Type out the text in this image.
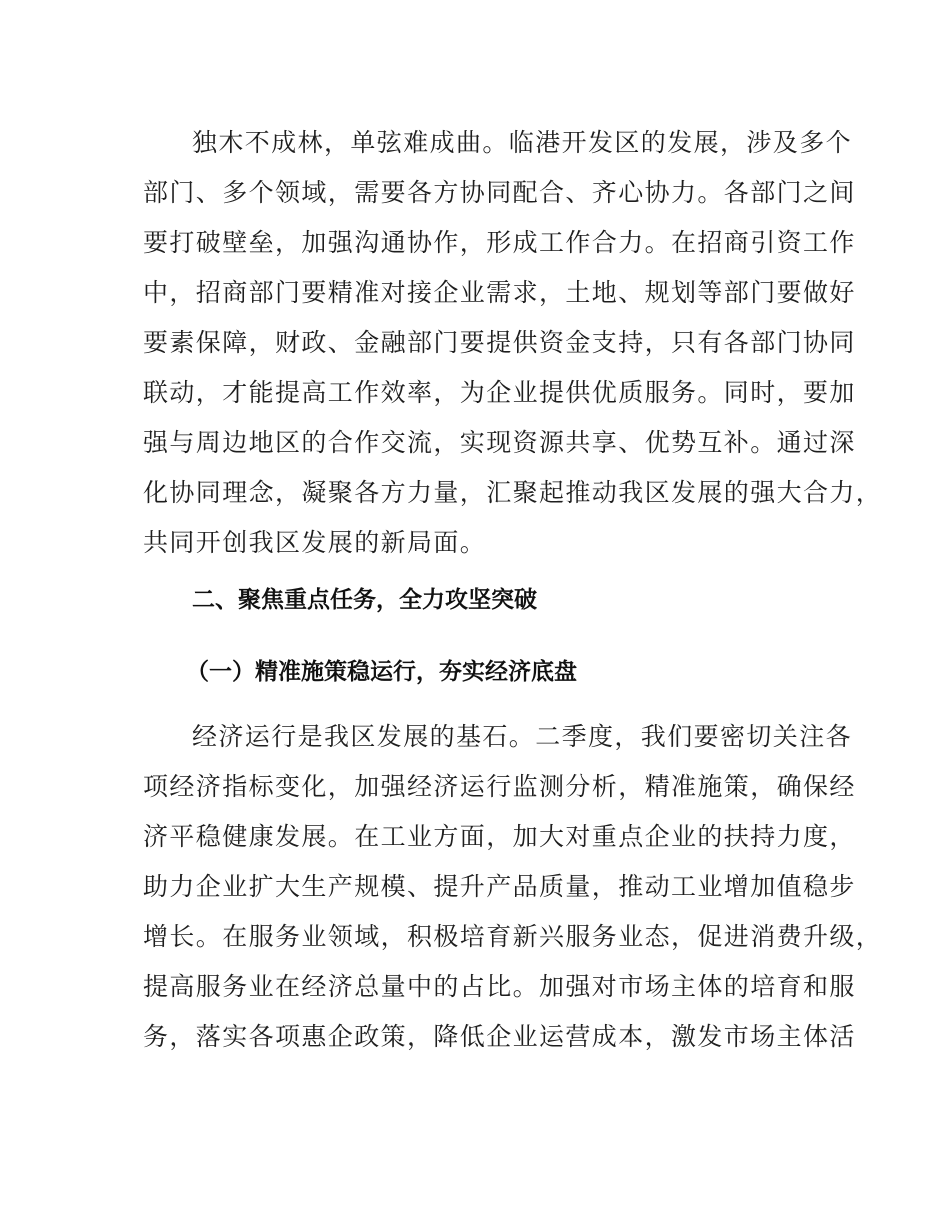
独木不成林，单弦难成曲。临港开发区的发展，涉及多个
部门、多个领域，需要各方协同配合、齐心协力。各部门之间
要打破壁垒，加强沟通协作，形成工作合力。在招商引资工作
中，招商部门要精准对接企业需求，土地、规划等部门要做好
要素保障，财政、金融部门要提供资金支持，只有各部门协同
联动，才能提高工作效率，为企业提供优质服务。同时，要加
强与周边地区的合作交流，实现资源共享、优势互补。通过深
化协同理念，凝聚各方力量，汇聚起推动我区发展的强大合力，
共同开创我区发展的新局面。
二、聚焦重点任务，全力攻坚突破
（一）精准施策稳运行，夯实经济底盘
经济运行是我区发展的基石。二季度，我们要密切关注各
项经济指标变化，加强经济运行监测分析，精准施策，确保经
济平稳健康发展。在工业方面，加大对重点企业的扶持力度，
助力企业扩大生产规模、提升产品质量，推动工业增加值稳步
增长。在服务业领域，积极培育新兴服务业态，促进消费升级，
提高服务业在经济总量中的占比。加强对市场主体的培育和服
务，落实各项惠企政策，降低企业运营成本，激发市场主体活
